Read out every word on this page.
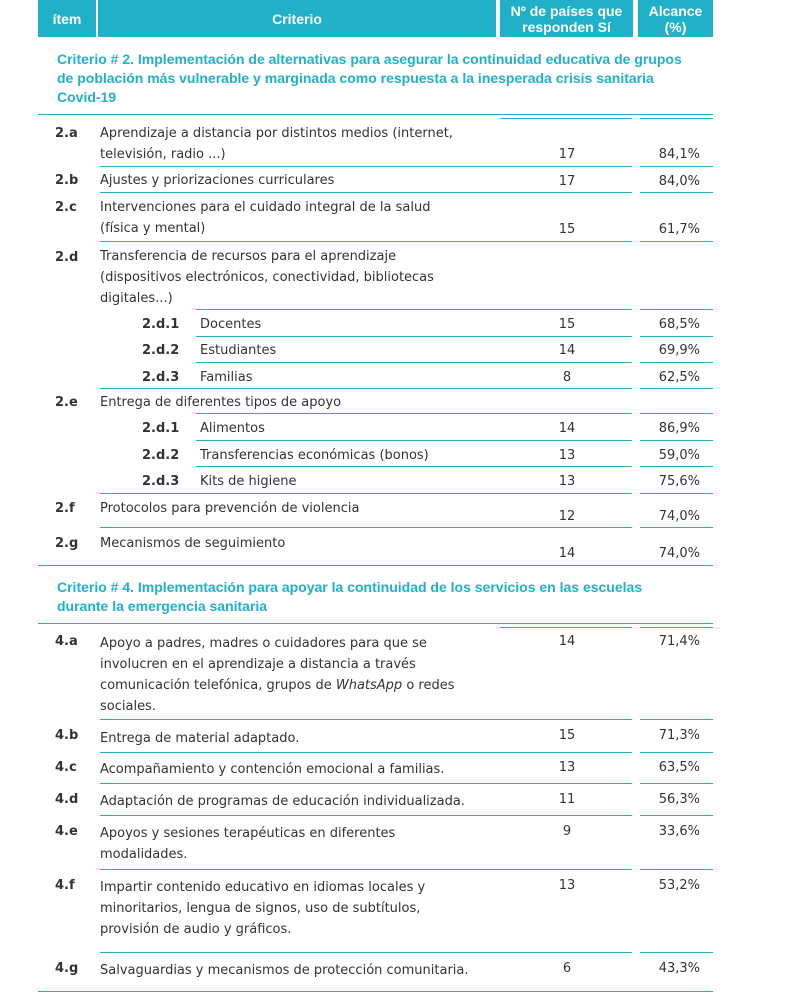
ítem	Criterio	Nº de países que
responden Sí
Alcance
(%)
Criterio # 2. Implementación de alternativas para asegurar la continuidad educativa de grupos
de población más vulnerable y marginada como respuesta a la inesperada crisis sanitaria
Covid-19
2.a Aprendizaje a distancia por distintos medios (internet,
televisión, radio ...)	17	84,1%
2.b Ajustes y priorizaciones curriculares	17	84,0%
2.c Intervenciones para el cuidado integral de la salud
(física y mental)	15	61,7%
2.d Transferencia de recursos para el aprendizaje
(dispositivos electrónicos, conectividad, bibliotecas
digitales...)
2.d.1 Docentes	15	68,5%
2.d.2 Estudiantes	14	69,9%
2.d.3 Familias	8	62,5%
2.e Entrega de diferentes tipos de apoyo
2.d.1 Alimentos	14	86,9%
2.d.2 Transferencias económicas (bonos)	13	59,0%
2.d.3 Kits de higiene	13	75,6%
2.f Protocolos para prevención de violencia
12	74,0%
2.g Mecanismos de seguimiento
14	74,0%
Criterio # 4. Implementación para apoyar la continuidad de los servicios en las escuelas
durante la emergencia sanitaria
4.a Apoyo a padres, madres o cuidadores para que se
involucren en el aprendizaje a distancia a través
comunicación telefónica, grupos de WhatsApp o redes
sociales.
14	71,4%
4.b Entrega de material adaptado.	15	71,3%
4.c Acompañamiento y contención emocional a familias.	13	63,5%
4.d Adaptación de programas de educación individualizada.	11	56,3%
4.e Apoyos y sesiones terapéuticas en diferentes
modalidades.
9	33,6%
4.f Impartir contenido educativo en idiomas locales y
minoritarios, lengua de signos, uso de subtítulos,
provisión de audio y gráficos.
13	53,2%
4.g Salvaguardias y mecanismos de protección comunitaria.	6	43,3%
